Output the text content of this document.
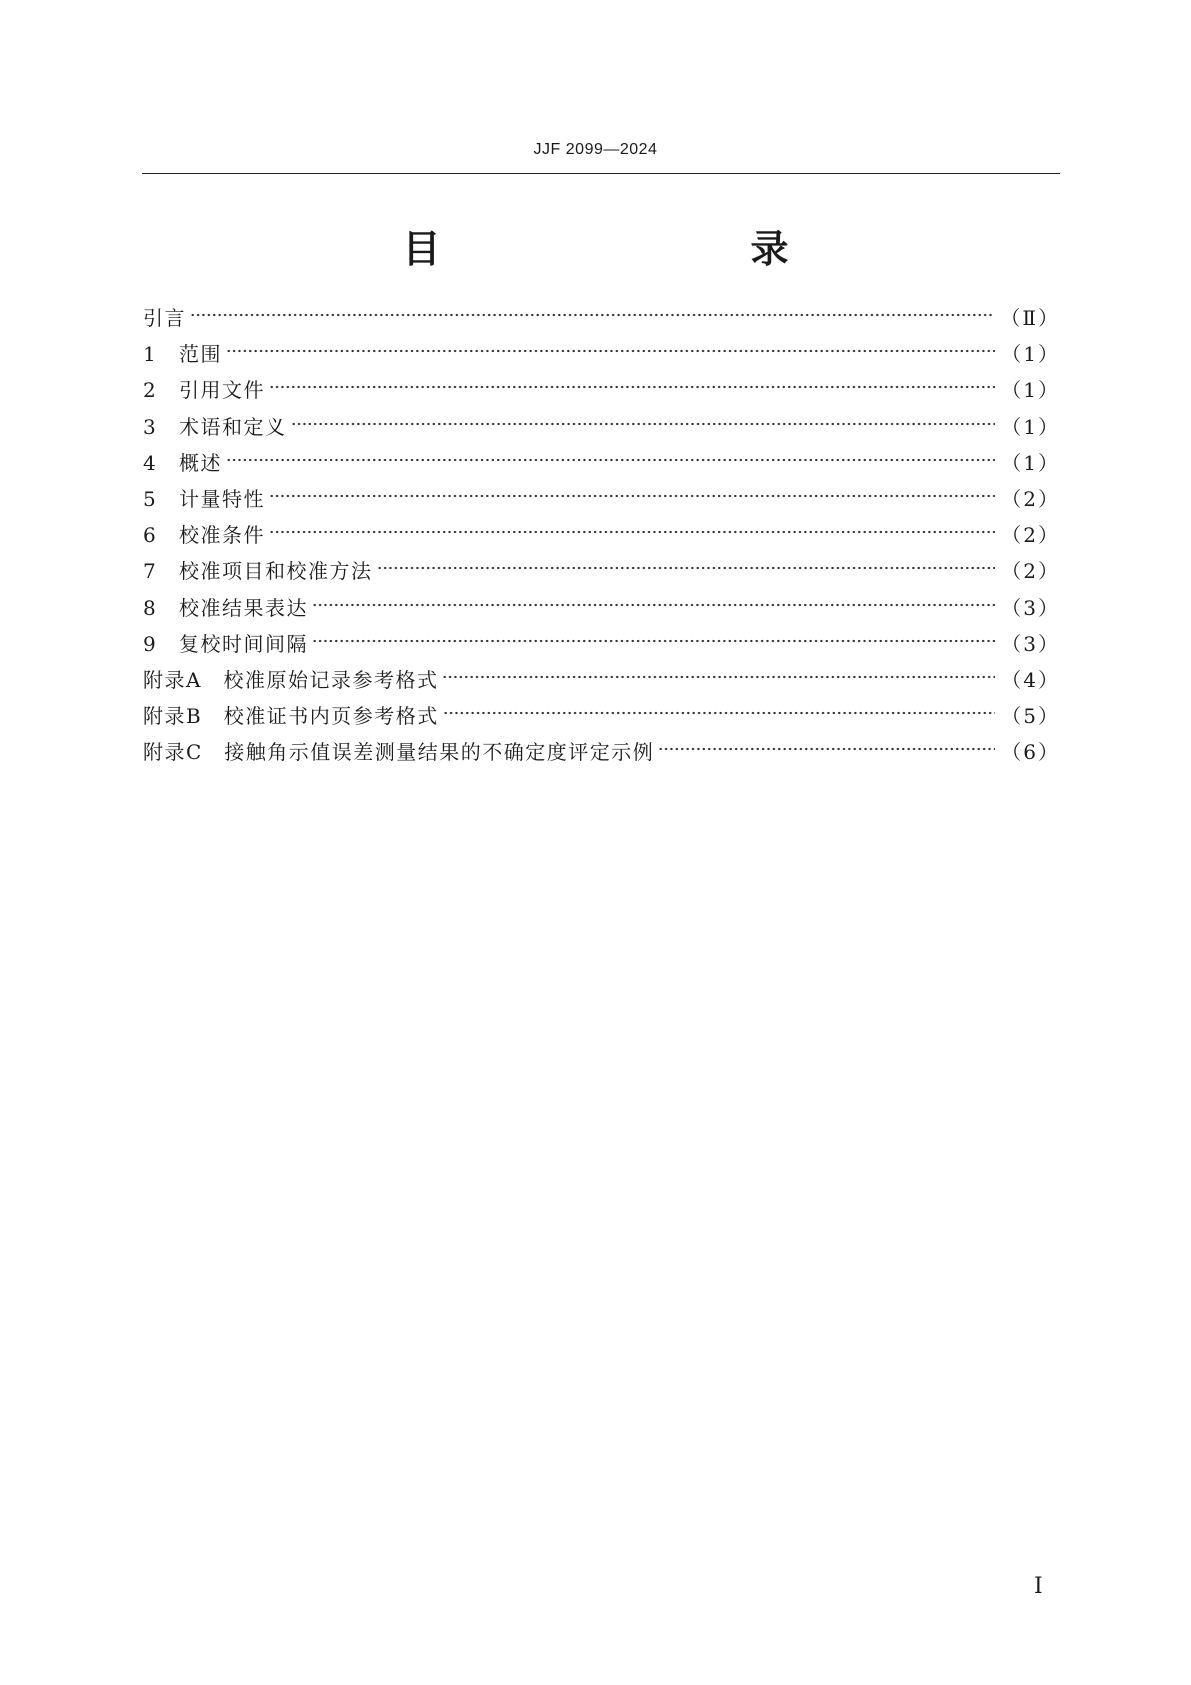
JJF 2099—2024
目　　录
引言	（Ⅱ）
1	范围	（1）
2	引用文件	（1）
3	术语和定义	（1）
4	概述	（1）
5	计量特性	（2）
6	校准条件	（2）
7	校准项目和校准方法	（2）
8	校准结果表达	（3）
9	复校时间间隔	（3）
附录A　校准原始记录参考格式	（4）
附录B　校准证书内页参考格式	（5）
附录C　接触角示值误差测量结果的不确定度评定示例	（6）
Ⅰ
